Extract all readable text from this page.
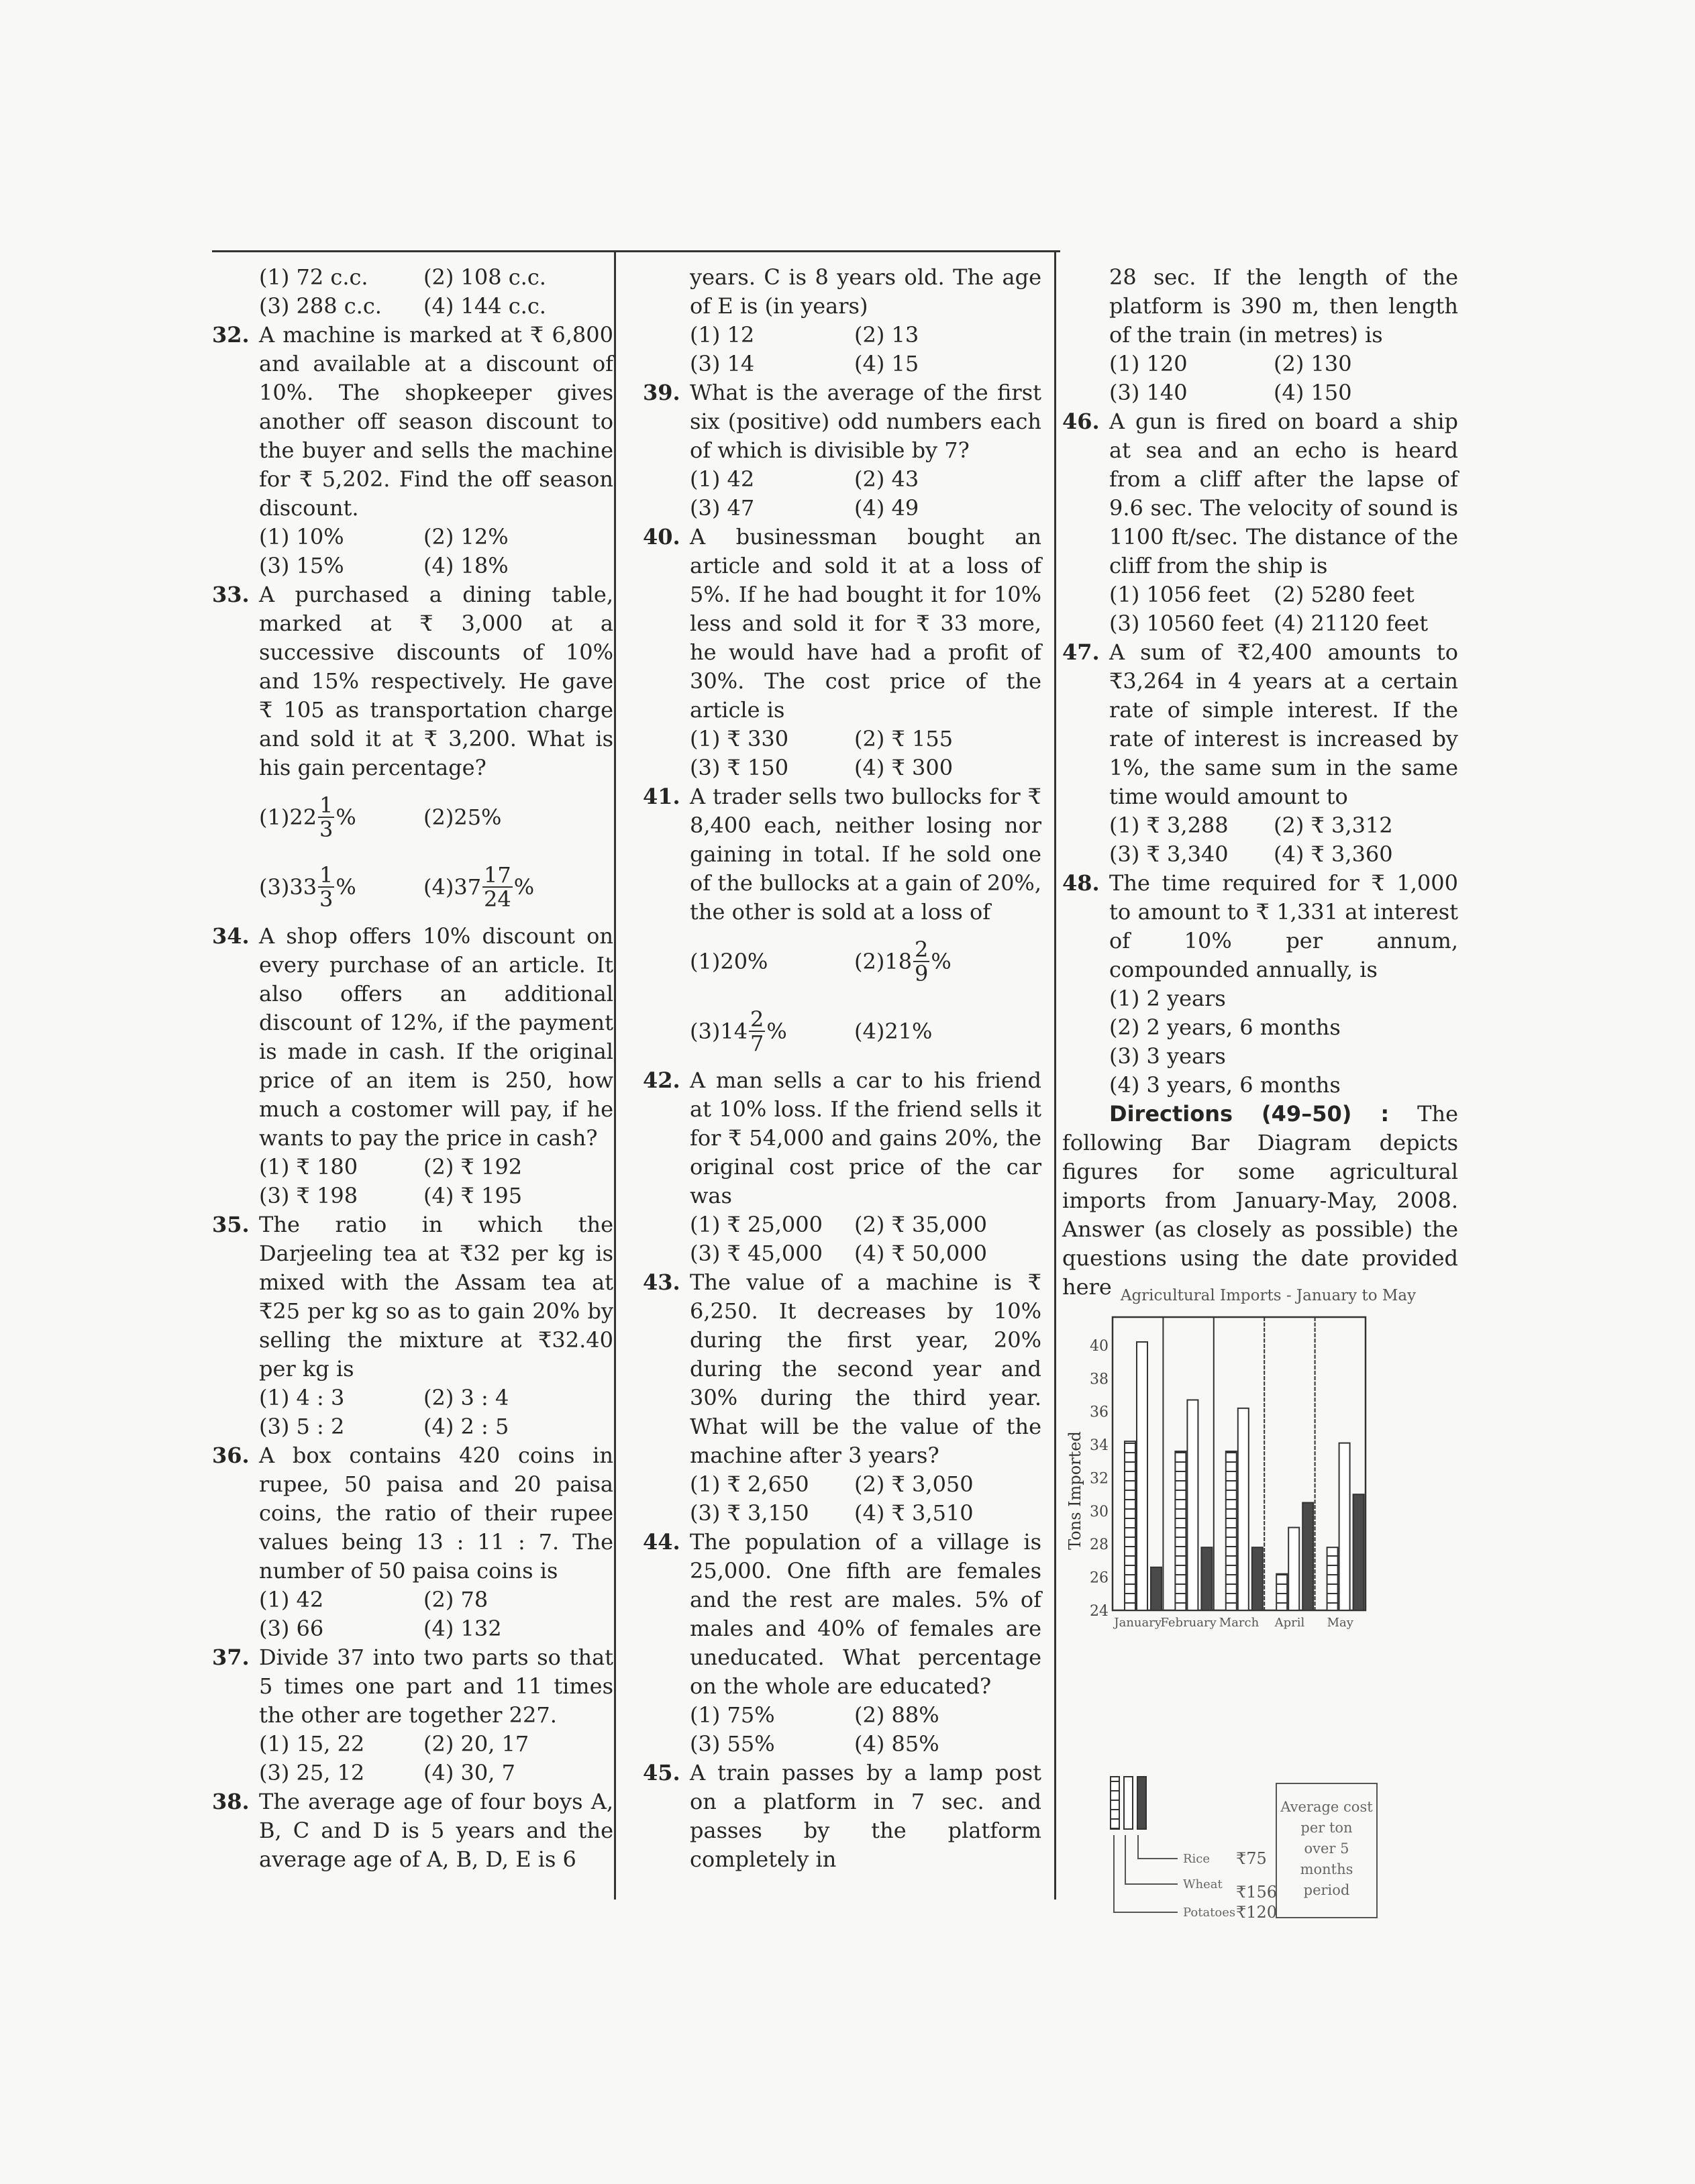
(1) 72 c.c.	(2) 108 c.c.
(3) 288 c.c.	(4) 144 c.c.
32. A machine is marked at ₹ 6,800 and available at a discount of 10%. The shopkeeper gives another off season discount to the buyer and sells the machine for ₹ 5,202. Find the off season discount.
(1) 10%	(2) 12%
(3) 15%	(4) 18%
33. A purchased a dining table, marked at ₹ 3,000 at a successive discounts of 10% and 15% respectively. He gave ₹ 105 as transportation charge and sold it at ₹ 3,200. What is his gain percentage?
(1) $22 \frac{1}{3}$ %	(2) 25%
(3) $33 \frac{1}{3}$ %	(4) $37 \frac{17}{24}$ %
34. A shop offers 10% discount on every purchase of an article. It also offers an additional discount of 12%, if the payment is made in cash. If the original price of an item is 250, how much a costomer will pay, if he wants to pay the price in cash?
(1) ₹ 180	(2) ₹ 192
(3) ₹ 198	(4) ₹ 195
35. The ratio in which the Darjeeling tea at ₹32 per kg is mixed with the Assam tea at ₹25 per kg so as to gain 20% by selling the mixture at ₹32.40 per kg is
(1) 4 : 3	(2) 3 : 4
(3) 5 : 2	(4) 2 : 5
36. A box contains 420 coins in rupee, 50 paisa and 20 paisa coins, the ratio of their rupee values being 13 : 11 : 7. The number of 50 paisa coins is
(1) 42	(2) 78
(3) 66	(4) 132
37. Divide 37 into two parts so that 5 times one part and 11 times the other are together 227.
(1) 15, 22	(2) 20, 17
(3) 25, 12	(4) 30, 7
38. The average age of four boys A, B, C and D is 5 years and the average age of A, B, D, E is 6
years. C is 8 years old. The age of E is (in years)
(1) 12	(2) 13
(3) 14	(4) 15
39. What is the average of the first six (positive) odd numbers each of which is divisible by 7?
(1) 42	(2) 43
(3) 47	(4) 49
40. A businessman bought an article and sold it at a loss of 5%. If he had bought it for 10% less and sold it for ₹ 33 more, he would have had a profit of 30%. The cost price of the article is
(1) ₹ 330	(2) ₹ 155
(3) ₹ 150	(4) ₹ 300
41. A trader sells two bullocks for ₹ 8,400 each, neither losing nor gaining in total. If he sold one of the bullocks at a gain of 20%, the other is sold at a loss of
(1) 20%	(2) $18 \frac{2}{9}$ %
(3) $14 \frac{2}{7}$ %	(4) 21%
42. A man sells a car to his friend at 10% loss. If the friend sells it for ₹ 54,000 and gains 20%, the original cost price of the car was
(1) ₹ 25,000	(2) ₹ 35,000
(3) ₹ 45,000	(4) ₹ 50,000
43. The value of a machine is ₹ 6,250. It decreases by 10% during the first year, 20% during the second year and 30% during the third year. What will be the value of the machine after 3 years?
(1) ₹ 2,650	(2) ₹ 3,050
(3) ₹ 3,150	(4) ₹ 3,510
44. The population of a village is 25,000. One fifth are females and the rest are males. 5% of males and 40% of females are uneducated. What percentage on the whole are educated?
(1) 75%	(2) 88%
(3) 55%	(4) 85%
45. A train passes by a lamp post on a platform in 7 sec. and passes by the platform completely in
28 sec. If the length of the platform is 390 m, then length of the train (in metres) is
(1) 120	(2) 130
(3) 140	(4) 150
46. A gun is fired on board a ship at sea and an echo is heard from a cliff after the lapse of 9.6 sec. The velocity of sound is 1100 ft/sec. The distance of the cliff from the ship is
(1) 1056 feet	(2) 5280 feet
(3) 10560 feet (4) 21120 feet
47. A sum of ₹2,400 amounts to ₹3,264 in 4 years at a certain rate of simple interest. If the rate of interest is increased by 1%, the same sum in the same time would amount to
(1) ₹ 3,288	(2) ₹ 3,312
(3) ₹ 3,340	(4) ₹ 3,360
48. The time required for ₹ 1,000 to amount to ₹ 1,331 at interest of 10% per annum, compounded annually, is
(1) 2 years
(2) 2 years, 6 months
(3) 3 years
(4) 3 years, 6 months
Directions (49–50) : The following Bar Diagram depicts figures for some agricultural imports from January-May, 2008. Answer (as closely as possible) the questions using the date provided here Agricultural Imports - January to May
24
26
28
30
32
34
36
38
40
Tons Imported
January
February March April May
Rice ₹75
Wheat ₹156
Potatoes ₹120
Average cost
per ton
over 5
months
period
